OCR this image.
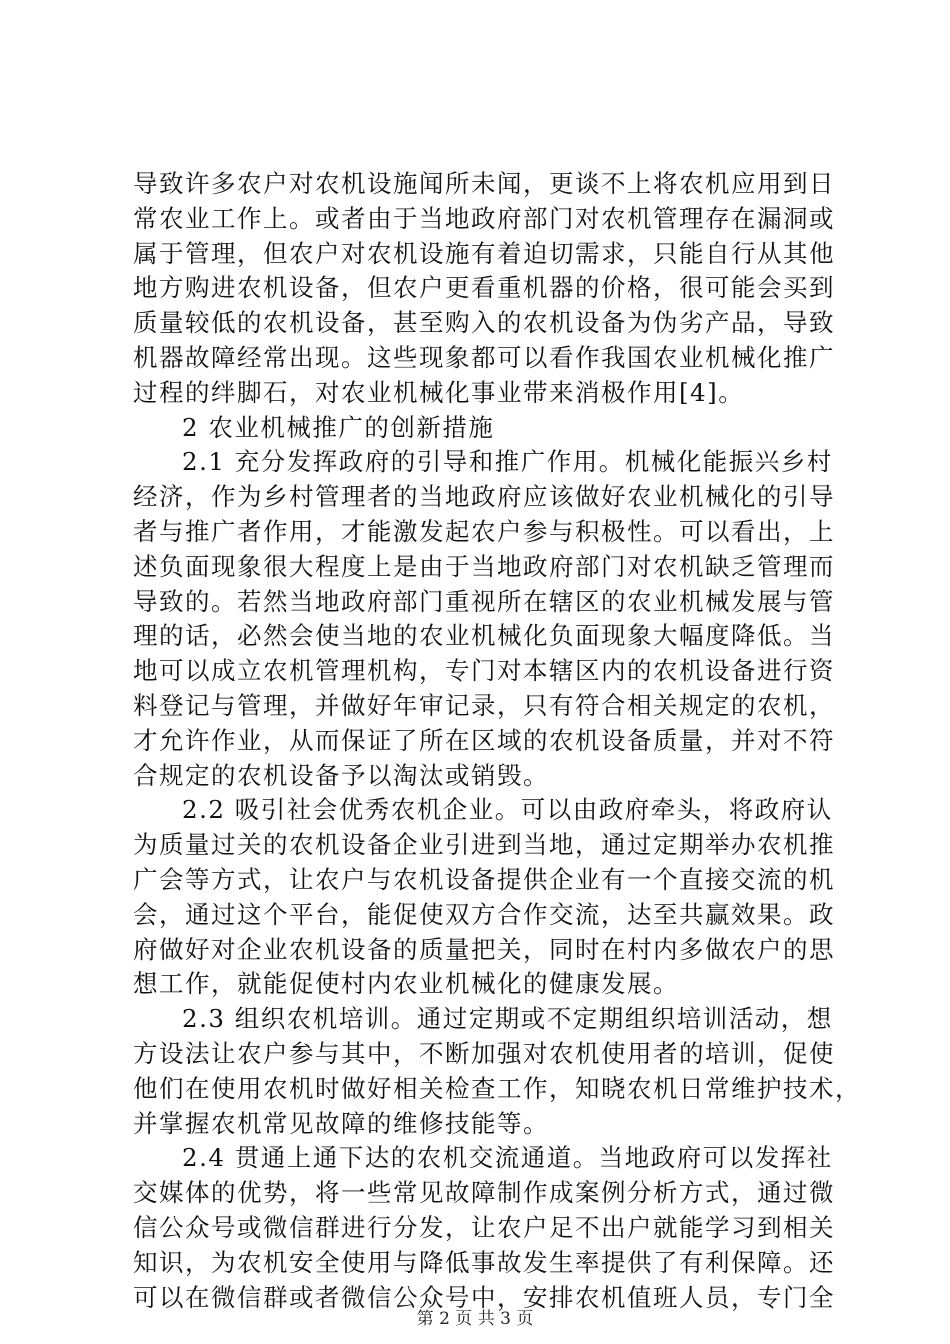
导致许多农户对农机设施闻所未闻，更谈不上将农机应用到日
常农业工作上。或者由于当地政府部门对农机管理存在漏洞或
属于管理，但农户对农机设施有着迫切需求，只能自行从其他
地方购进农机设备，但农户更看重机器的价格，很可能会买到
质量较低的农机设备，甚至购入的农机设备为伪劣产品，导致
机器故障经常出现。这些现象都可以看作我国农业机械化推广
过程的绊脚石，对农业机械化事业带来消极作用[4]。
2 农业机械推广的创新措施
2.1 充分发挥政府的引导和推广作用。机械化能振兴乡村
经济，作为乡村管理者的当地政府应该做好农业机械化的引导
者与推广者作用，才能激发起农户参与积极性。可以看出，上
述负面现象很大程度上是由于当地政府部门对农机缺乏管理而
导致的。若然当地政府部门重视所在辖区的农业机械发展与管
理的话，必然会使当地的农业机械化负面现象大幅度降低。当
地可以成立农机管理机构，专门对本辖区内的农机设备进行资
料登记与管理，并做好年审记录，只有符合相关规定的农机，
才允许作业，从而保证了所在区域的农机设备质量，并对不符
合规定的农机设备予以淘汰或销毁。
2.2 吸引社会优秀农机企业。可以由政府牵头，将政府认
为质量过关的农机设备企业引进到当地，通过定期举办农机推
广会等方式，让农户与农机设备提供企业有一个直接交流的机
会，通过这个平台，能促使双方合作交流，达至共赢效果。政
府做好对企业农机设备的质量把关，同时在村内多做农户的思
想工作，就能促使村内农业机械化的健康发展。
2.3 组织农机培训。通过定期或不定期组织培训活动，想
方设法让农户参与其中，不断加强对农机使用者的培训，促使
他们在使用农机时做好相关检查工作，知晓农机日常维护技术，
并掌握农机常见故障的维修技能等。
2.4 贯通上通下达的农机交流通道。当地政府可以发挥社
交媒体的优势，将一些常见故障制作成案例分析方式，通过微
信公众号或微信群进行分发，让农户足不出户就能学习到相关
知识，为农机安全使用与降低事故发生率提供了有利保障。还
可以在微信群或者微信公众号中，安排农机值班人员，专门全
第 2 页 共 3 页
